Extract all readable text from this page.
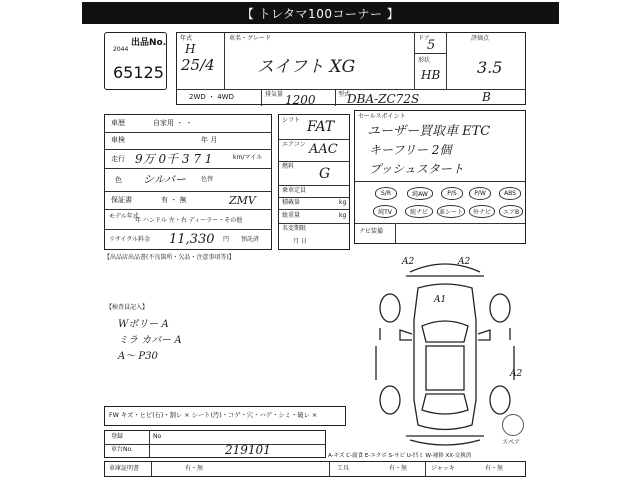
【 トレタマ100コーナー 】
出品No.
2044
65125
年式
H
25/4
車名・グレード
スイフト XG
ドア
5
形状
HB
評価点
3.5
B
2WD ・ 4WD	排気量 1200	型式
DBA-ZC72S
車歴	自家用 ・ ・
車検	年 月
走行 9万 0千 3 7 1	km/マイル
色 シルバー	色替
保証書	有 ・ 無	ZMV
モデル年式
年 ハンドル 左・右 ディーラー・その他
リサイクル料金 11,330 円 預託済
シフト FAT
エアコン AAC
燃料 G
乗車定員
積載量	kg
総重量	kg
名変期限
月 日
セールスポイント
ユーザー買取車 ETC
キーフリー 2個
プッシュスタート
S/R	純AW	P/S	P/W	ABS
純TV	純ナビ	革シート	外ナビ	エアB
ナビ装備
【出品店出品書(不良箇所・欠品・注意事項等)】
【検査員記入】
Wポリー A
ミラ カバー A
A〜 P30
A2	A2
A1
A2
FW キズ・ヒビ(石)・割レ × シート(汚)・コゲ・穴・ハゲ・シミ・破レ ×
スペア
登録	No
車台No.	219101	A-キズ C-腐食 E-エクボ S-サビ U-凹ミ W-補修 XX-交換済
車庫証明書	有・無	工具	有・無	ジャッキ	有・無
